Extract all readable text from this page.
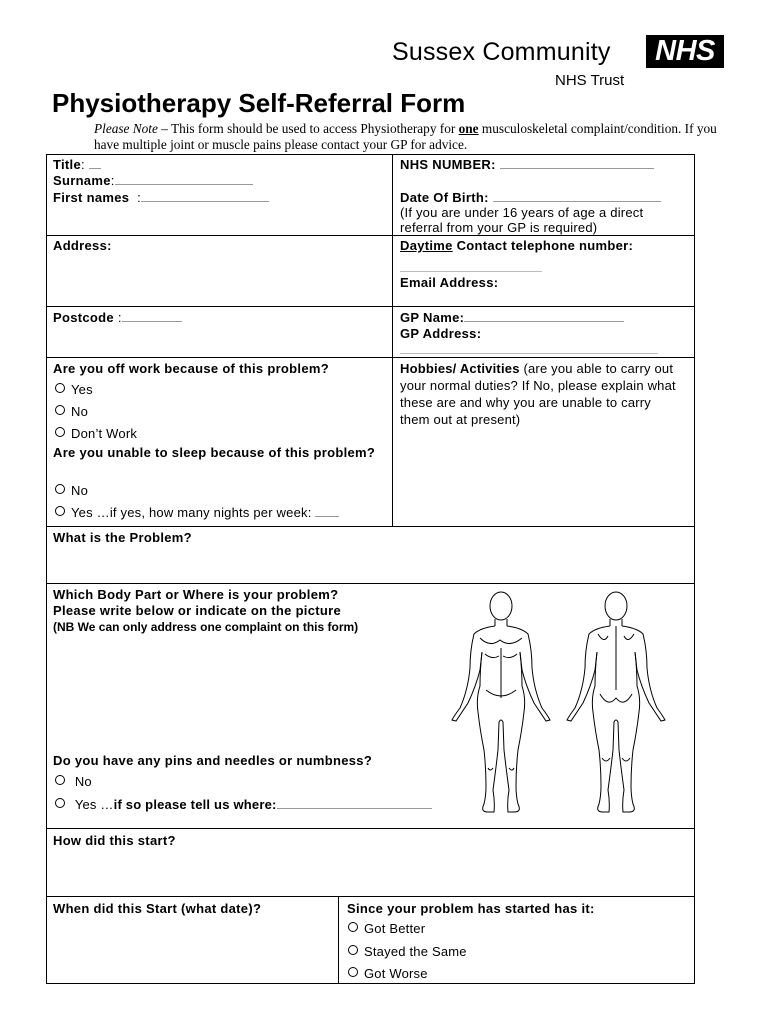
Sussex Community	NHS
NHS Trust
Physiotherapy Self-Referral Form
Please Note – This form should be used to access Physiotherapy for one musculoskeletal complaint/condition. If you have multiple joint or muscle pains please contact your GP for advice.
Title:
Surname:
First names :
NHS NUMBER:
Date Of Birth:
(If you are under 16 years of age a direct referral from your GP is required)
Address:	Daytime Contact telephone number:
Email Address:
Postcode :	GP Name:
GP Address:
Are you off work because of this problem?
Yes
No
Don’t Work
Are you unable to sleep because of this problem?
No
Yes …if yes, how many nights per week:
Hobbies/ Activities (are you able to carry out your normal duties? If No, please explain what these are and why you are unable to carry them out at present)
What is the Problem?
Which Body Part or Where is your problem?
Please write below or indicate on the picture
(NB We can only address one complaint on this form)
Do you have any pins and needles or numbness?
No
Yes …if so please tell us where:
How did this start?
When did this Start (what date)?	Since your problem has started has it:
Got Better
Stayed the Same
Got Worse
